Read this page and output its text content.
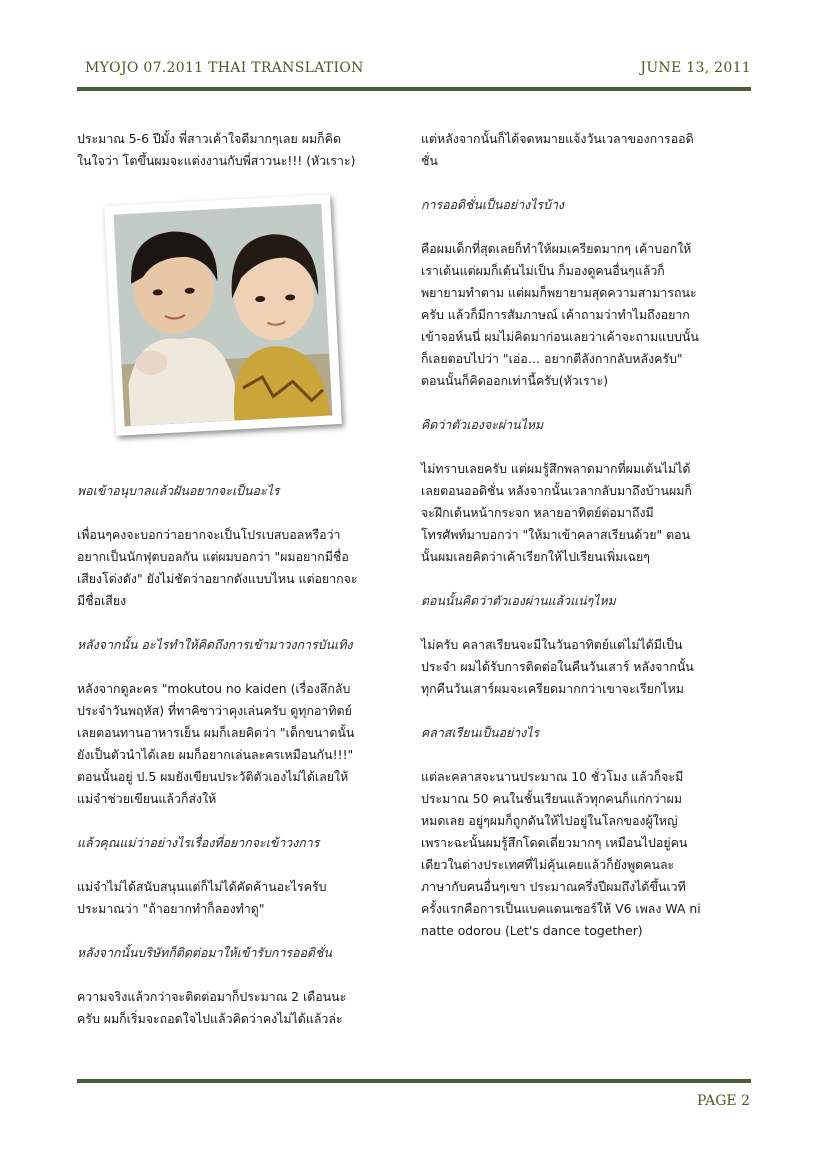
MYOJO 07.2011 THAI TRANSLATION	JUNE 13, 2011

ประมาณ 5-6 ปีมั้ง พี่สาวเค้าใจดีมากๆเลย ผมก็คิด

ในใจว่า โตขึ้นผมจะแต่งงานกับพี่สาวนะ!!! (หัวเราะ)

พอเข้าอนุบาลแล้วฝันอยากจะเป็นอะไร

เพื่อนๆคงจะบอกว่าอยากจะเป็นโปรเบสบอลหรือว่า

อยากเป็นนักฟุตบอลกัน แต่ผมบอกว่า "ผมอยากมีชื่อ

เสียงโด่งดัง" ยังไม่ชัดว่าอยากดังแบบไหน แต่อยากจะ

มีชื่อเสียง

หลังจากนั้น อะไรทำให้คิดถึงการเข้ามาวงการบันเทิง

หลังจากดูละคร "mokutou no kaiden (เรื่องลึกลับ

ประจำวันพฤหัส) ที่ทาคิซาว่าคุงเล่นครับ ดูทุกอาทิตย์

เลยตอนทานอาหารเย็น ผมก็เลยคิดว่า "เด็กขนาดนั้น

ยังเป็นตัวนำได้เลย ผมก็อยากเล่นละครเหมือนกัน!!!"

ตอนนั้นอยู่ ป.5 ผมยังเขียนประวัติตัวเองไม่ได้เลยให้

แม่จำช่วยเขียนแล้วก็ส่งให้

แล้วคุณแม่ว่าอย่างไรเรื่องที่อยากจะเข้าวงการ

แม่จำไม่ได้สนับสนุนแต่ก็ไม่ได้คัดค้านอะไรครับ

ประมาณว่า "ถ้าอยากทำก็ลองทำดู"

หลังจากนั้นบริษัทก็ติดต่อมาให้เข้ารับการออดิชั่น

ความจริงแล้วกว่าจะติดต่อมาก็ประมาณ 2 เดือนนะ

ครับ ผมก็เริ่มจะถอดใจไปแล้วคิดว่าคงไม่ได้แล้วล่ะ

แต่หลังจากนั้นก็ได้จดหมายแจ้งวันเวลาของการออดิ

ชั่น

การออดิชั่นเป็นอย่างไรบ้าง

คือผมเด็กที่สุดเลยก็ทำให้ผมเครียดมากๆ เค้าบอกให้

เราเต้นแต่ผมก็เต้นไม่เป็น ก็มองดูคนอื่นๆแล้วก็

พยายามทำตาม แต่ผมก็พยายามสุดความสามารถนะ

ครับ แล้วก็มีการสัมภาษณ์ เค้าถามว่าทำไมถึงอยาก

เข้าจอห์นนี่ ผมไม่คิดมาก่อนเลยว่าเค้าจะถามแบบนั้น

ก็เลยตอบไปว่า "เอ่อ… อยากตีลังกากลับหลังครับ"

ตอนนั้นก็คิดออกเท่านี้ครับ(หัวเราะ)

คิดว่าตัวเองจะผ่านไหม

ไม่ทราบเลยครับ แต่ผมรู้สึกพลาดมากที่ผมเต้นไม่ได้

เลยตอนออดิชั่น หลังจากนั้นเวลากลับมาถึงบ้านผมก็

จะฝึกเต้นหน้ากระจก หลายอาทิตย์ต่อมาถึงมี

โทรศัพท์มาบอกว่า "ให้มาเข้าคลาสเรียนด้วย" ตอน

นั้นผมเลยคิดว่าเค้าเรียกให้ไปเรียนเพิ่มเฉยๆ

ตอนนั้นคิดว่าตัวเองผ่านแล้วแน่ๆไหม

ไม่ครับ คลาสเรียนจะมีในวันอาทิตย์แต่ไม่ได้มีเป็น

ประจำ ผมได้รับการติดต่อในคืนวันเสาร์ หลังจากนั้น

ทุกคืนวันเสาร์ผมจะเครียดมากกว่าเขาจะเรียกไหม

คลาสเรียนเป็นอย่างไร

แต่ละคลาสจะนานประมาณ 10 ชั่วโมง แล้วก็จะมี

ประมาณ 50 คนในชั้นเรียนแล้วทุกคนก็แก่กว่าผม

หมดเลย อยู่ๆผมก็ถูกดันให้ไปอยู่ในโลกของผู้ใหญ่

เพราะฉะนั้นผมรู้สึกโดดเดี่ยวมากๆ เหมือนไปอยู่คน

เดียวในต่างประเทศที่ไม่คุ้นเคยแล้วก็ยังพูดคนละ

ภาษากับคนอื่นๆเขา ประมาณครึ่งปีผมถึงได้ขึ้นเวที

ครั้งแรกคือการเป็นแบคแดนเซอร์ให้ V6 เพลง WA ni

natte odorou (Let's dance together)

PAGE 2
